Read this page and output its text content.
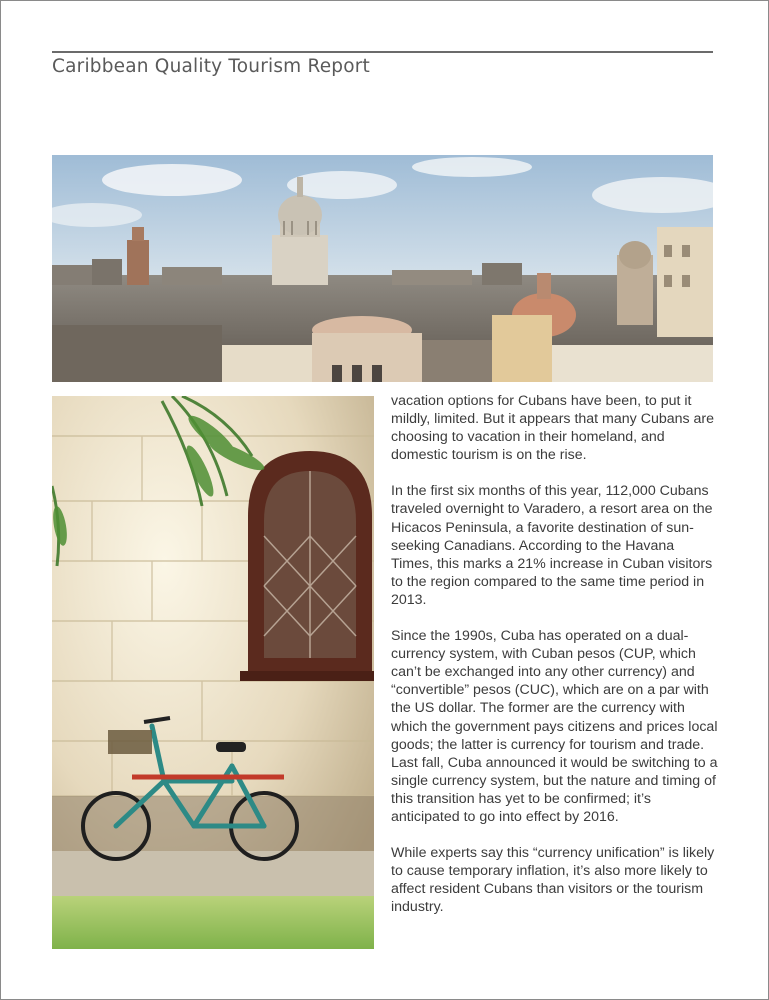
Caribbean Quality Tourism Report

vacation options for Cubans have been, to put it mildly, limited. But it appears that many Cubans are choosing to vacation in their homeland, and domestic tourism is on the rise.

In the first six months of this year, 112,000 Cubans traveled overnight to Varadero, a resort area on the Hicacos Peninsula, a favorite destination of sun-seeking Canadians. According to the Havana Times, this marks a 21% increase in Cuban visitors to the region compared to the same time period in 2013.

Since the 1990s, Cuba has operated on a dual-currency system, with Cuban pesos (CUP, which can’t be exchanged into any other currency) and “convertible” pesos (CUC), which are on a par with the US dollar. The former are the currency with which the government pays citizens and prices local goods; the latter is currency for tourism and trade. Last fall, Cuba announced it would be switching to a single currency system, but the nature and timing of this transition has yet to be confirmed; it’s anticipated to go into effect by 2016.

While experts say this “currency unification” is likely to cause temporary inflation, it’s also more likely to affect resident Cubans than visitors or the tourism industry.
